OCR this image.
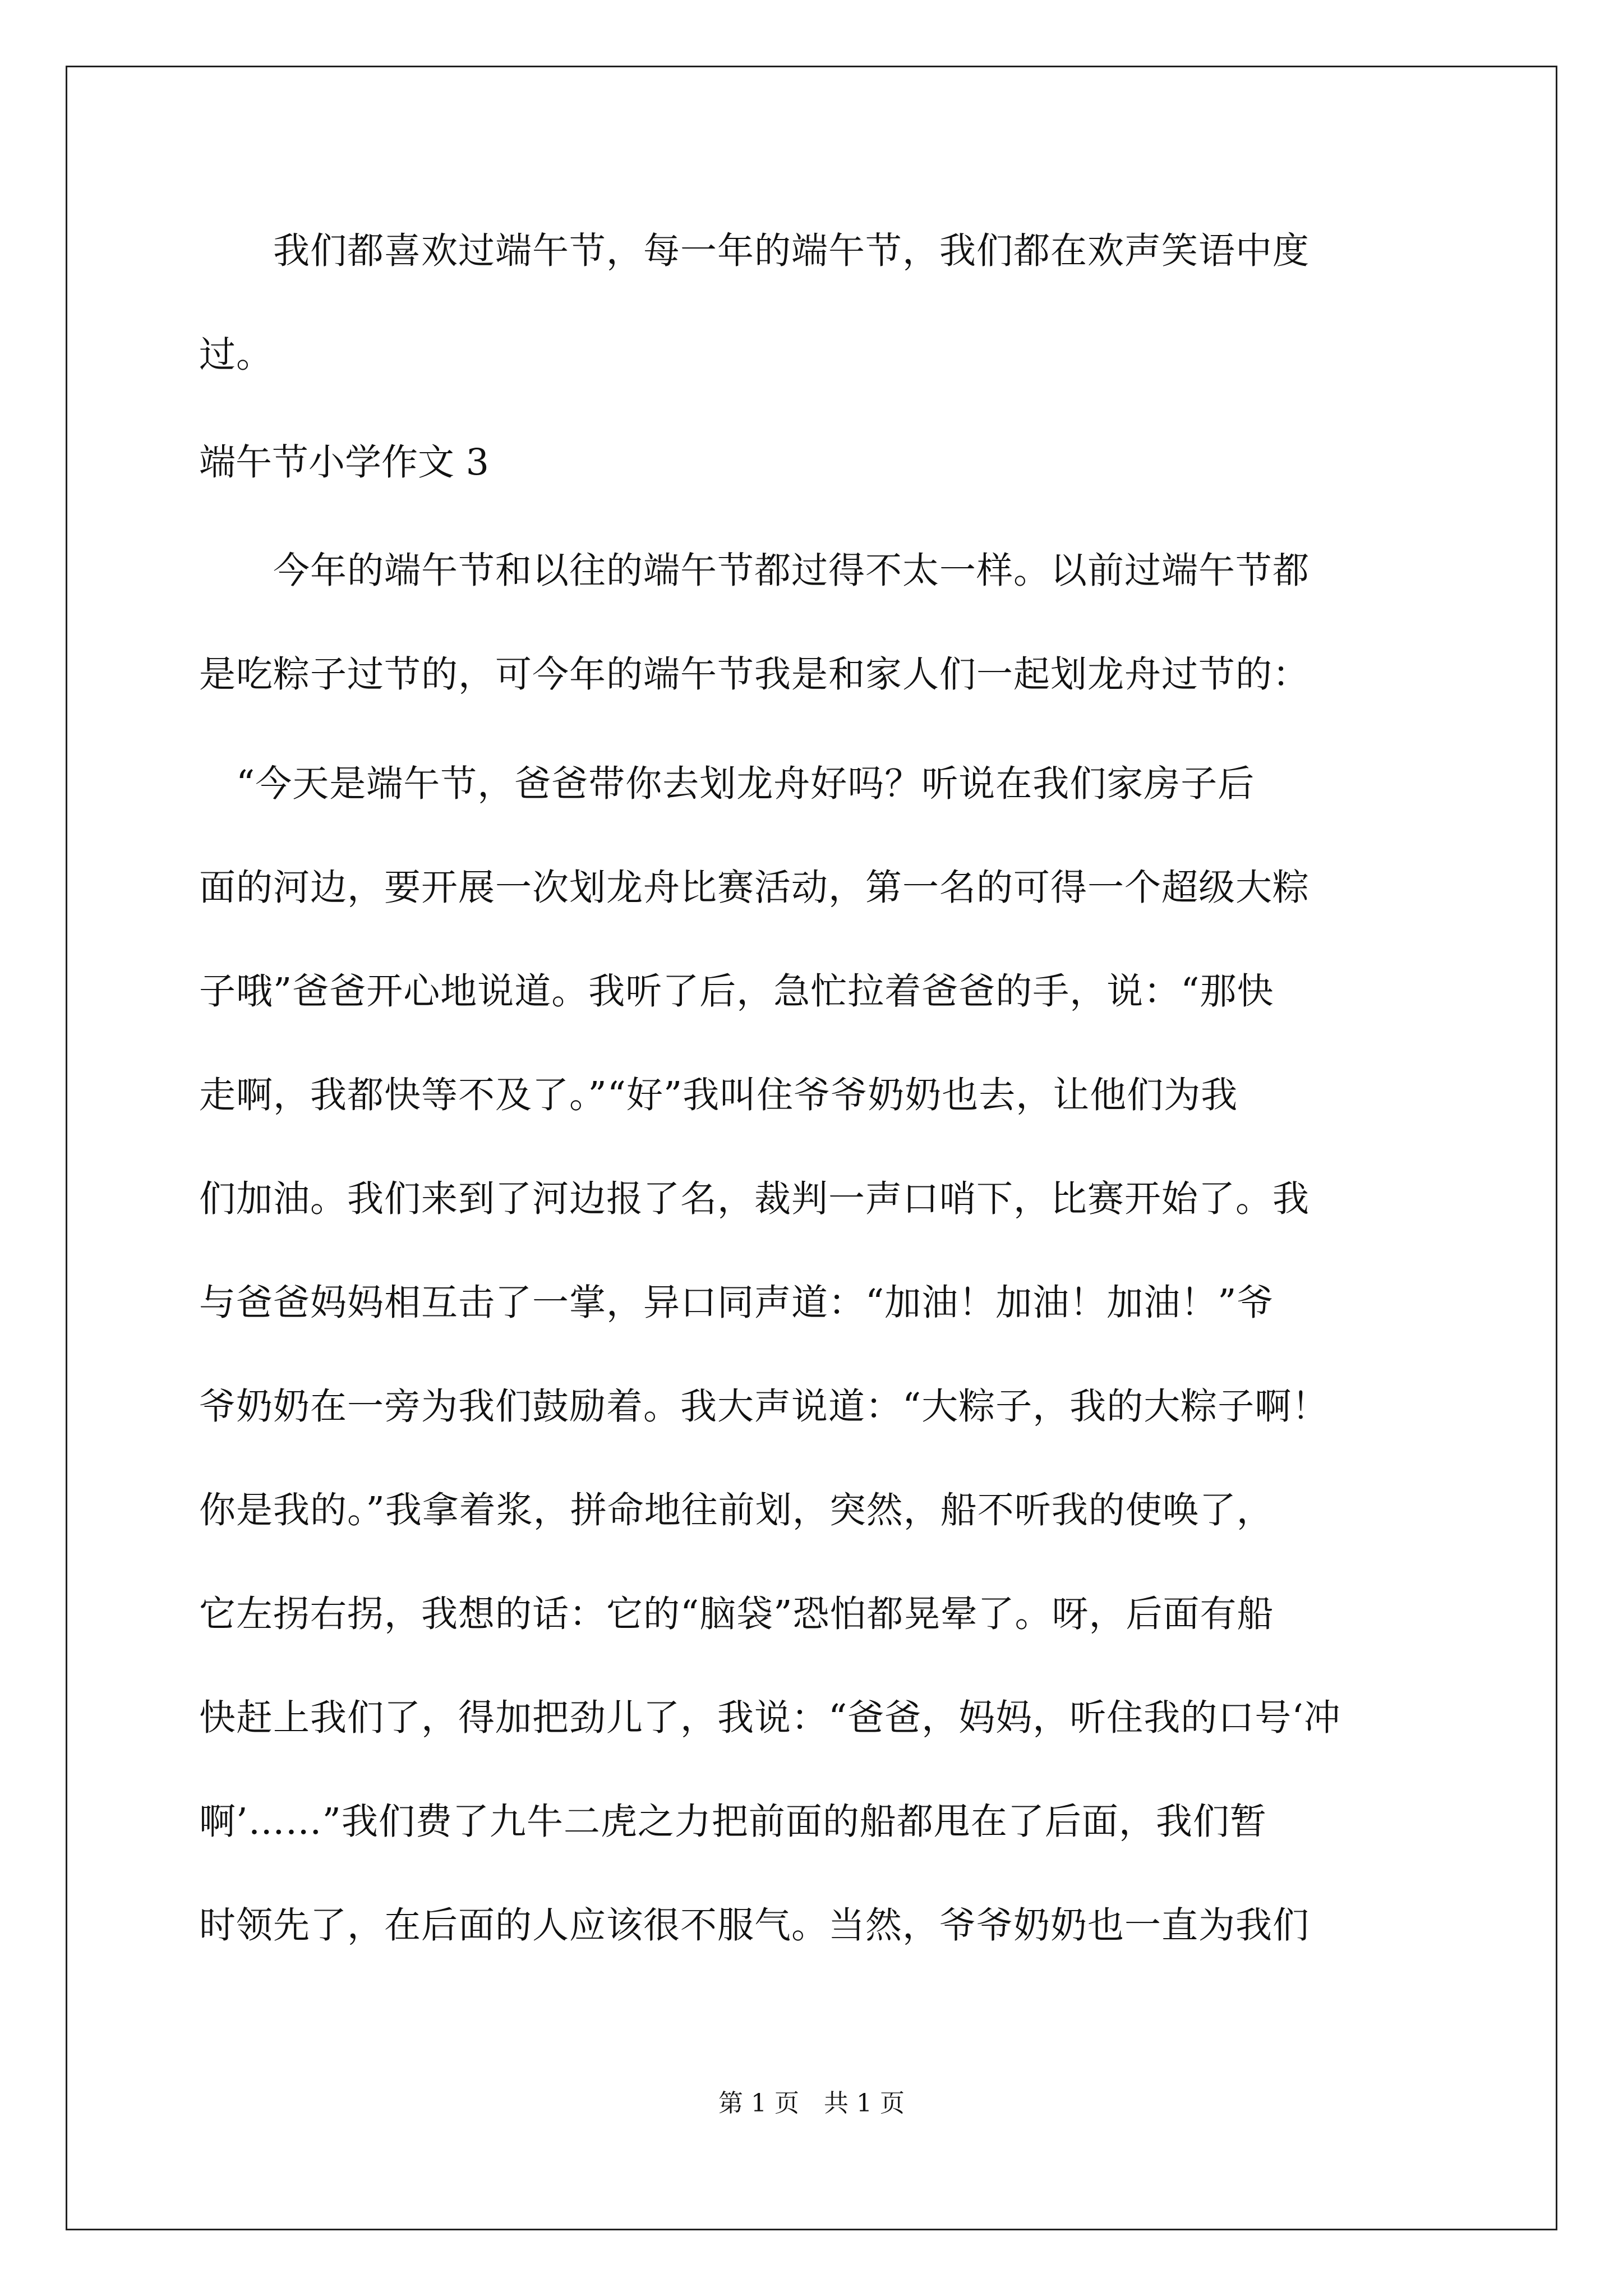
　　我们都喜欢过端午节，每一年的端午节，我们都在欢声笑语中度
过。
端午节小学作文 3
　　今年的端午节和以往的端午节都过得不太一样。以前过端午节都
是吃粽子过节的，可今年的端午节我是和家人们一起划龙舟过节的：
　“今天是端午节，爸爸带你去划龙舟好吗？听说在我们家房子后
面的河边，要开展一次划龙舟比赛活动，第一名的可得一个超级大粽
子哦”爸爸开心地说道。我听了后，急忙拉着爸爸的手，说：“那快
走啊，我都快等不及了。”“好”我叫住爷爷奶奶也去，让他们为我
们加油。我们来到了河边报了名，裁判一声口哨下，比赛开始了。我
与爸爸妈妈相互击了一掌，异口同声道：“加油！加油！加油！”爷
爷奶奶在一旁为我们鼓励着。我大声说道：“大粽子，我的大粽子啊！
你是我的。”我拿着浆，拼命地往前划，突然，船不听我的使唤了，
它左拐右拐，我想的话：它的“脑袋”恐怕都晃晕了。呀，后面有船
快赶上我们了，得加把劲儿了，我说：“爸爸，妈妈，听住我的口号‘冲
啊’……”我们费了九牛二虎之力把前面的船都甩在了后面，我们暂
时领先了，在后面的人应该很不服气。当然，爷爷奶奶也一直为我们
第 1 页　共 1 页
